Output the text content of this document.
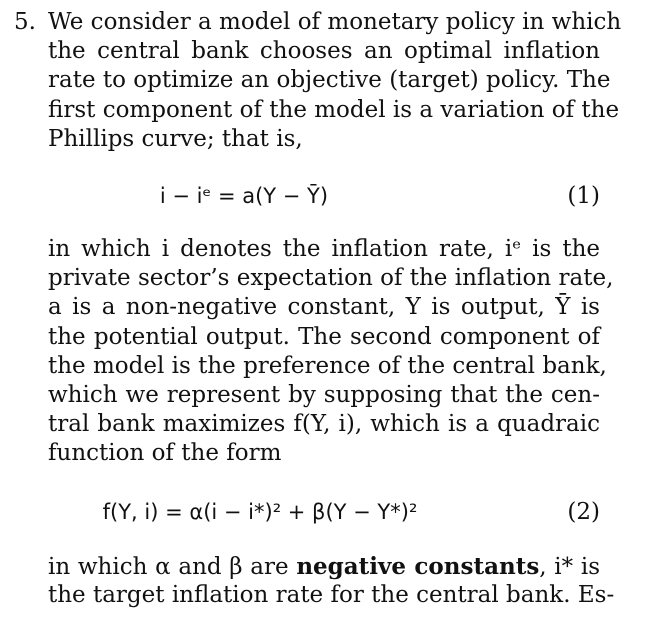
5. We consider a model of monetary policy in which
the central bank chooses an optimal inflation
rate to optimize an objective (target) policy. The
first component of the model is a variation of the
Phillips curve; that is,
i − iᵉ = a(Y − Ȳ)	(1)
in which i denotes the inflation rate, iᵉ is the
private sector’s expectation of the inflation rate,
a is a non-negative constant, Y is output, Ȳ is
the potential output. The second component of
the model is the preference of the central bank,
which we represent by supposing that the cen-
tral bank maximizes f(Y, i), which is a quadraic
function of the form
f(Y, i) = α(i − i*)² + β(Y − Y*)²	(2)
in which α and β are negative constants, i* is
the target inflation rate for the central bank. Es-
